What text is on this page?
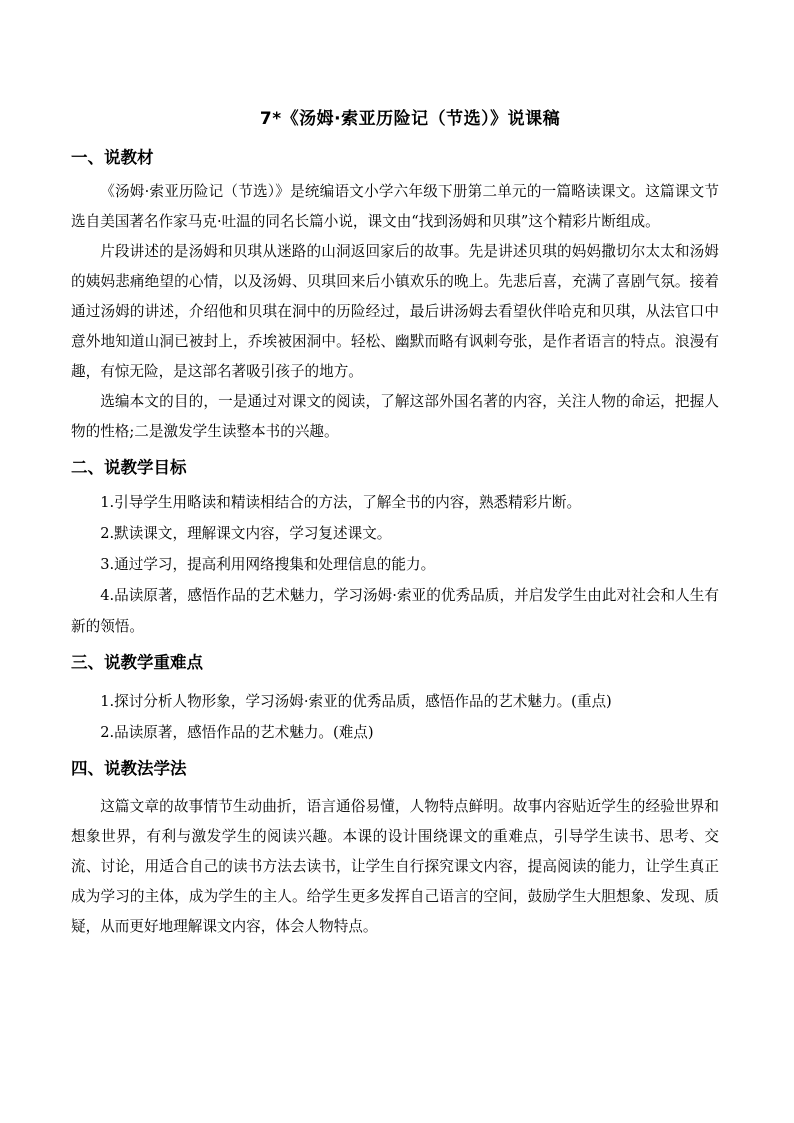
7*《汤姆·索亚历险记（节选）》说课稿
一、说教材

《汤姆·索亚历险记（节选）》是统编语文小学六年级下册第二单元的一篇略读课文。这篇课文节选自美国著名作家马克·吐温的同名长篇小说，课文由“找到汤姆和贝琪”这个精彩片断组成。

片段讲述的是汤姆和贝琪从迷路的山洞返回家后的故事。先是讲述贝琪的妈妈撒切尔太太和汤姆的姨妈悲痛绝望的心情，以及汤姆、贝琪回来后小镇欢乐的晚上。先悲后喜，充满了喜剧气氛。接着通过汤姆的讲述，介绍他和贝琪在洞中的历险经过，最后讲汤姆去看望伙伴哈克和贝琪，从法官口中意外地知道山洞已被封上，乔埃被困洞中。轻松、幽默而略有讽刺夸张，是作者语言的特点。浪漫有趣，有惊无险，是这部名著吸引孩子的地方。

选编本文的目的，一是通过对课文的阅读，了解这部外国名著的内容，关注人物的命运，把握人物的性格;二是激发学生读整本书的兴趣。

二、说教学目标

1.引导学生用略读和精读相结合的方法，了解全书的内容，熟悉精彩片断。

2.默读课文，理解课文内容，学习复述课文。

3.通过学习，提高利用网络搜集和处理信息的能力。

4.品读原著，感悟作品的艺术魅力，学习汤姆·索亚的优秀品质，并启发学生由此对社会和人生有新的领悟。

三、说教学重难点

1.探讨分析人物形象，学习汤姆·索亚的优秀品质，感悟作品的艺术魅力。(重点)

2.品读原著，感悟作品的艺术魅力。(难点)

四、说教法学法

这篇文章的故事情节生动曲折，语言通俗易懂，人物特点鲜明。故事内容贴近学生的经验世界和想象世界，有利与激发学生的阅读兴趣。本课的设计围绕课文的重难点，引导学生读书、思考、交流、讨论，用适合自己的读书方法去读书，让学生自行探究课文内容，提高阅读的能力，让学生真正成为学习的主体，成为学生的主人。给学生更多发挥自己语言的空间，鼓励学生大胆想象、发现、质疑，从而更好地理解课文内容，体会人物特点。
